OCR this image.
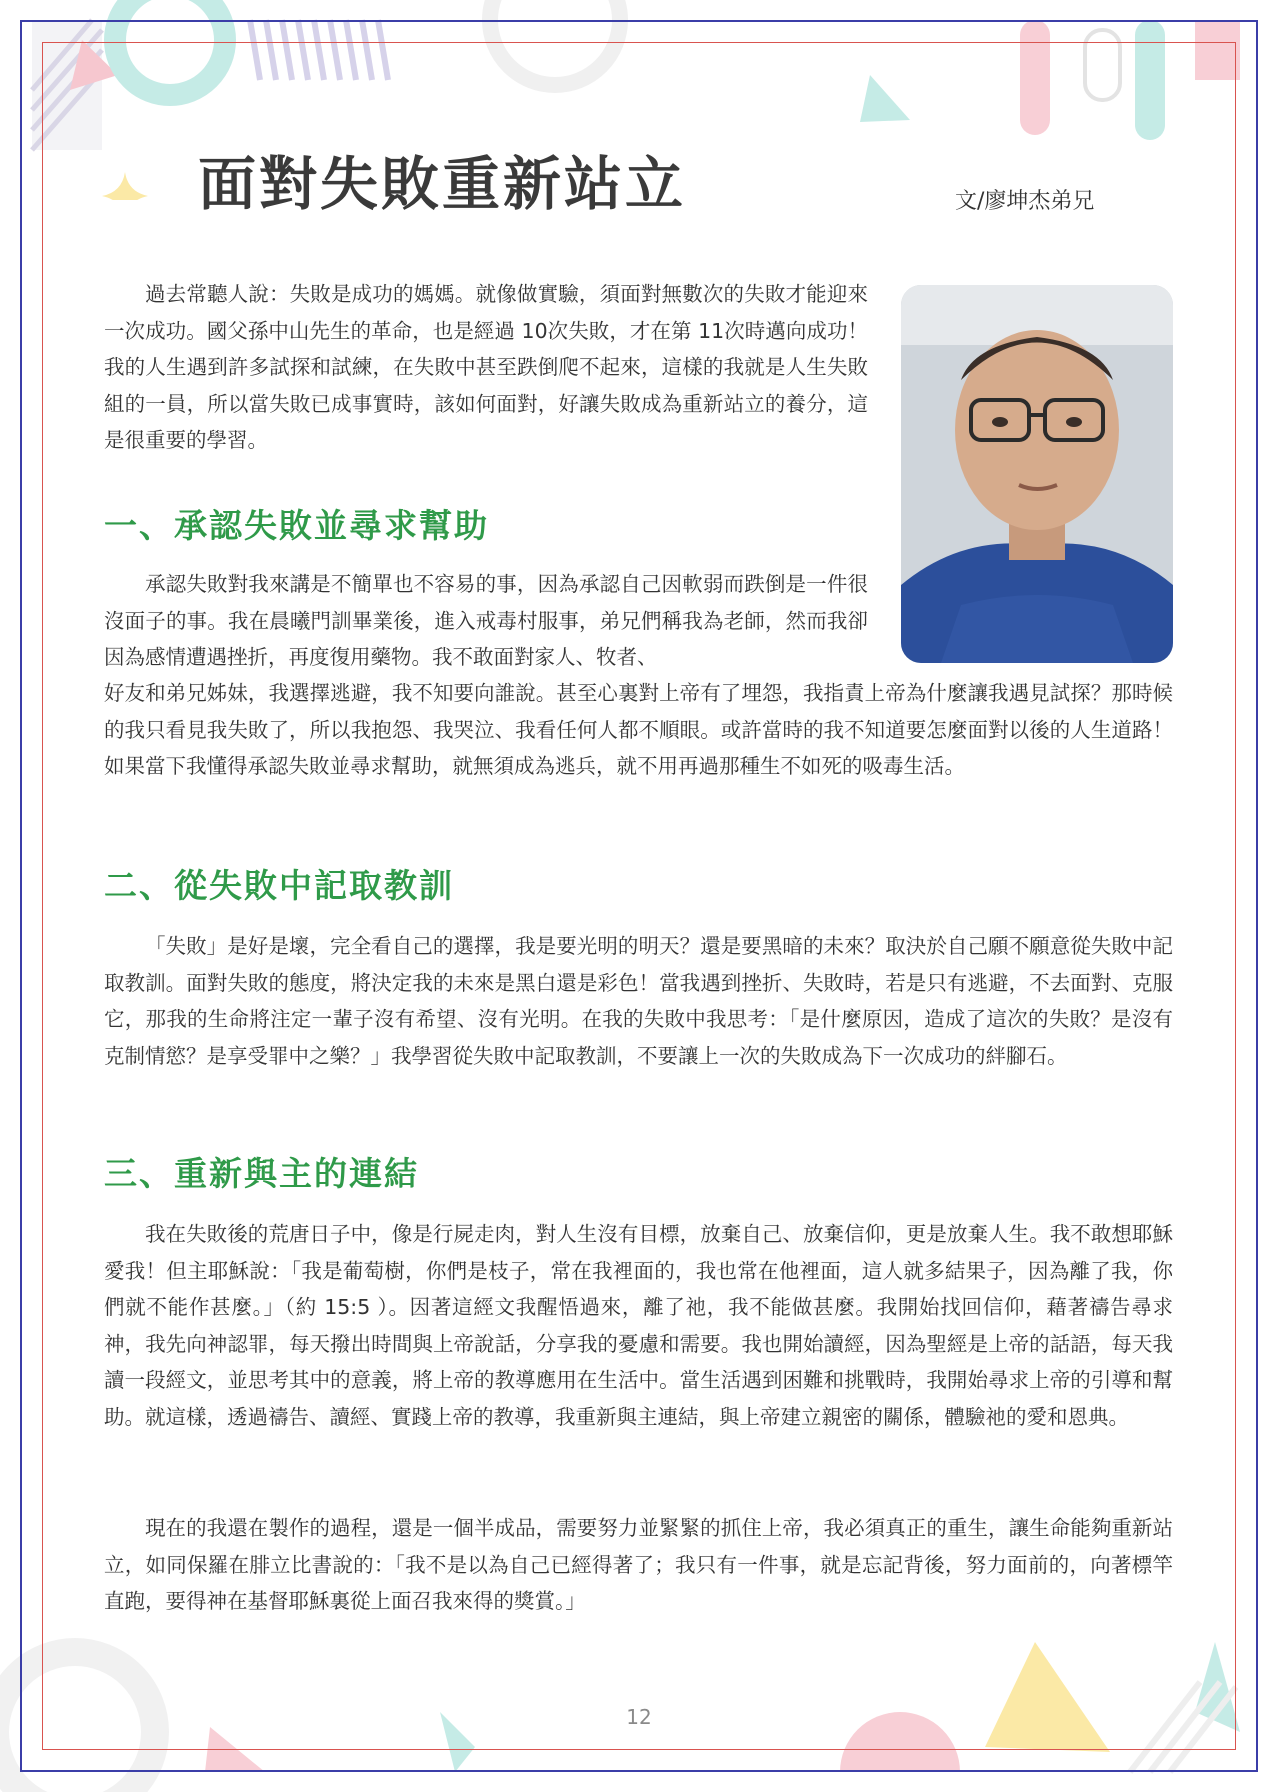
面對失敗重新站立	文/廖坤杰弟兄

過去常聽人說：失敗是成功的媽媽。就像做實驗，須面對無數次的失敗才能迎來一次成功。國父孫中山先生的革命，也是經過 10次失敗，才在第 11次時邁向成功！我的人生遇到許多試探和試練，在失敗中甚至跌倒爬不起來，這樣的我就是人生失敗組的一員，所以當失敗已成事實時，該如何面對，好讓失敗成為重新站立的養分，這是很重要的學習。

一、承認失敗並尋求幫助

承認失敗對我來講是不簡單也不容易的事，因為承認自己因軟弱而跌倒是一件很沒面子的事。我在晨曦門訓畢業後，進入戒毒村服事，弟兄們稱我為老師，然而我卻因為感情遭遇挫折，再度復用藥物。我不敢面對家人、牧者、

好友和弟兄姊妹，我選擇逃避，我不知要向誰說。甚至心裏對上帝有了埋怨，我指責上帝為什麼讓我遇見試探？那時候的我只看見我失敗了，所以我抱怨、我哭泣、我看任何人都不順眼。或許當時的我不知道要怎麼面對以後的人生道路！如果當下我懂得承認失敗並尋求幫助，就無須成為逃兵，就不用再過那種生不如死的吸毒生活。

二、從失敗中記取教訓

「失敗」是好是壞，完全看自己的選擇，我是要光明的明天？還是要黑暗的未來？取決於自己願不願意從失敗中記取教訓。面對失敗的態度，將決定我的未來是黑白還是彩色！當我遇到挫折、失敗時，若是只有逃避，不去面對、克服它，那我的生命將注定一輩子沒有希望、沒有光明。在我的失敗中我思考：「是什麼原因，造成了這次的失敗？是沒有克制情慾？是享受罪中之樂？」我學習從失敗中記取教訓，不要讓上一次的失敗成為下一次成功的絆腳石。

三、重新與主的連結

我在失敗後的荒唐日子中，像是行屍走肉，對人生沒有目標，放棄自己、放棄信仰，更是放棄人生。我不敢想耶穌愛我！但主耶穌說：「我是葡萄樹，你們是枝子，常在我裡面的，我也常在他裡面，這人就多結果子，因為離了我，你們就不能作甚麼。」（約 15:5 ）。因著這經文我醒悟過來，離了祂，我不能做甚麼。我開始找回信仰，藉著禱告尋求神，我先向神認罪，每天撥出時間與上帝說話，分享我的憂慮和需要。我也開始讀經，因為聖經是上帝的話語，每天我讀一段經文，並思考其中的意義，將上帝的教導應用在生活中。當生活遇到困難和挑戰時，我開始尋求上帝的引導和幫助。就這樣，透過禱告、讀經、實踐上帝的教導，我重新與主連結，與上帝建立親密的關係，體驗祂的愛和恩典。

現在的我還在製作的過程，還是一個半成品，需要努力並緊緊的抓住上帝，我必須真正的重生，讓生命能夠重新站立，如同保羅在腓立比書說的：「我不是以為自己已經得著了；我只有一件事，就是忘記背後，努力面前的，向著標竿直跑，要得神在基督耶穌裏從上面召我來得的獎賞。」

12
